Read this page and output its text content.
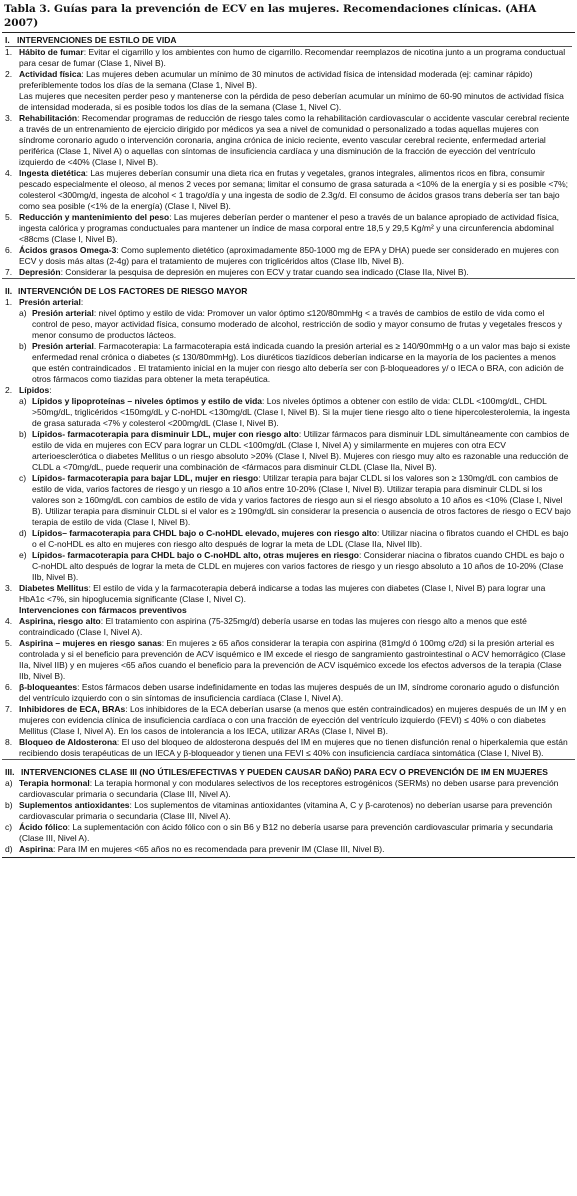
Tabla 3. Guías para la prevención de ECV en las mujeres. Recomendaciones clínicas. (AHA 2007)
I. INTERVENCIONES DE ESTILO DE VIDA
1. Hábito de fumar: Evitar el cigarrillo y los ambientes con humo de cigarrillo. Recomendar reemplazos de nicotina junto a un programa conductual para cesar de fumar (Clase 1, Nivel B).
2. Actividad física: Las mujeres deben acumular un mínimo de 30 minutos de actividad física de intensidad moderada (ej: caminar rápido) preferiblemente todos los días de la semana (Clase 1, Nivel B).
Las mujeres que necesiten perder peso y mantenerse con la pérdida de peso deberían acumular un mínimo de 60-90 minutos de actividad física de intensidad moderada, si es posible todos los días de la semana (Clase 1, Nivel C).
3. Rehabilitación: Recomendar programas de reducción de riesgo tales como la rehabilitación cardiovascular o accidente vascular cerebral reciente a través de un entrenamiento de ejercicio dirigido por médicos ya sea a nivel de comunidad o personalizado a todas aquellas mujeres con síndrome coronario agudo o intervención coronaria, angina crónica de inicio reciente, evento vascular cerebral reciente, enfermedad arterial periférica (Clase 1, Nivel A) o aquellas con síntomas de insuficiencia cardíaca y una disminución de la fracción de eyección del ventrículo izquierdo de <40% (Clase I, Nivel B).
4. Ingesta dietética: Las mujeres deberían consumir una dieta rica en frutas y vegetales, granos integrales, alimentos ricos en fibra, consumir pescado especialmente el oleoso, al menos 2 veces por semana; limitar el consumo de grasa saturada a <10% de la energía y si es posible <7%; colesterol <300mg/d, ingesta de alcohol < 1 trago/día y una ingesta de sodio de 2.3g/d. El consumo de ácidos grasos trans debería ser tan bajo como sea posible (<1% de la energía) (Clase I, Nivel B).
5. Reducción y mantenimiento del peso: Las mujeres deberían perder o mantener el peso a través de un balance apropiado de actividad física, ingesta calórica y programas conductuales para mantener un índice de masa corporal entre 18,5 y 29,5 Kg/m² y una circunferencia abdominal <88cms (Clase I, Nivel B).
6. Ácidos grasos Omega-3: Como suplemento dietético (aproximadamente 850-1000 mg de EPA y DHA) puede ser considerado en mujeres con ECV y dosis más altas (2-4g) para el tratamiento de mujeres con triglicéridos altos (Clase IIb, Nivel B).
7. Depresión: Considerar la pesquisa de depresión en mujeres con ECV y tratar cuando sea indicado (Clase IIa, Nivel B).
II. INTERVENCIÓN DE LOS FACTORES DE RIESGO MAYOR
1. Presión arterial:
a) Presión arterial: nivel óptimo y estilo de vida: Promover un valor óptimo ≤120/80mmHg < a través de cambios de estilo de vida como el control de peso, mayor actividad física, consumo moderado de alcohol, restricción de sodio y mayor consumo de frutas y vegetales frescos y menor consumo de productos lácteos.
b) Presión arterial. Farmacoterapia: La farmacoterapia está indicada cuando la presión arterial es ≥ 140/90mmHg o a un valor mas bajo si existe enfermedad renal crónica o diabetes (≤ 130/80mmHg). Los diuréticos tiazídicos deberían indicarse en la mayoría de los pacientes a menos que estén contraindicados . El tratamiento inicial en la mujer con riesgo alto debería ser con β-bloqueadores y/ o IECA o BRA, con adición de otros fármacos como tiazidas para obtener la meta terapéutica.
2. Lípidos:
a) Lípidos y lipoproteínas – niveles óptimos y estilo de vida: Los niveles óptimos a obtener con estilo de vida: CLDL <100mg/dL, CHDL >50mg/dL, triglicéridos <150mg/dL y C-noHDL <130mg/dL (Clase I, Nivel B). Si la mujer tiene riesgo alto o tiene hipercolesterolemia, la ingesta de grasa saturada <7% y colesterol <200mg/dL (Clase I, Nivel B).
b) Lípidos- farmacoterapia para disminuir LDL, mujer con riesgo alto: Utilizar fármacos para disminuir LDL simultáneamente con cambios de estilo de vida en mujeres con ECV para lograr un CLDL <100mg/dL (Clase I, Nivel A) y similarmente en mujeres con otra ECV arterioesclerótica o diabetes Mellitus o un riesgo absoluto >20% (Clase I, Nivel B). Mujeres con riesgo muy alto es razonable una reducción de CLDL a <70mg/dL, puede requerir una combinación de <fármacos para disminuir CLDL (Clase IIa, Nivel B).
c) Lípidos- farmacoterapia para bajar LDL, mujer en riesgo: Utilizar terapia para bajar CLDL si los valores son ≥ 130mg/dL con cambios de estilo de vida, varios factores de riesgo y un riesgo a 10 años entre 10-20% (Clase I, Nivel B). Utilizar terapia para disminuir CLDL si los valores son ≥ 160mg/dL con cambios de estilo de vida y varios factores de riesgo aun si el riesgo absoluto a 10 años es <10% (Clase I, Nivel B). Utilizar terapia para disminuir CLDL si el valor es ≥ 190mg/dL sin considerar la presencia o ausencia de otros factores de riesgo o ECV bajo terapia de estilo de vida (Clase I, Nivel B).
d) Lípidos– farmacoterapia para CHDL bajo o C-noHDL elevado, mujeres con riesgo alto: Utilizar niacina o fibratos cuando el CHDL es bajo o el C-noHDL es alto en mujeres con riesgo alto después de lograr la meta de LDL (Clase IIa, Nivel IIb).
e) Lípidos- farmacoterapia para CHDL bajo o C-noHDL alto, otras mujeres en riesgo: Considerar niacina o fibratos cuando CHDL es bajo o C-noHDL alto después de lograr la meta de CLDL en mujeres con varios factores de riesgo y un riesgo absoluto a 10 años de 10-20% (Clase IIb, Nivel B).
3. Diabetes Mellitus: El estilo de vida y la farmacoterapia deberá indicarse a todas las mujeres con diabetes (Clase I, Nivel B) para lograr una HbA1c <7%, sin hipoglucemia significante (Clase I, Nivel C).
Intervenciones con fármacos preventivos
4. Aspirina, riesgo alto: El tratamiento con aspirina (75-325mg/d) debería usarse en todas las mujeres con riesgo alto a menos que esté contraindicado (Clase I, Nivel A).
5. Aspirina – mujeres en riesgo sanas: En mujeres ≥ 65 años considerar la terapia con aspirina (81mg/d ó 100mg c/2d) si la presión arterial es controlada y si el beneficio para prevención de ACV isquémico e IM excede el riesgo de sangramiento gastrointestinal o ACV hemorrágico (Clase IIa, Nivel IIB) y en mujeres <65 años cuando el beneficio para la prevención de ACV isquémico excede los efectos adversos de la terapia (Clase IIb, Nivel B).
6. β-bloqueantes: Estos fármacos deben usarse indefinidamente en todas las mujeres después de un IM, síndrome coronario agudo o disfunción del ventrículo izquierdo con o sin síntomas de insuficiencia cardíaca (Clase I, Nivel A).
7. Inhibidores de ECA, BRAs: Los inhibidores de la ECA deberían usarse (a menos que estén contraindicados) en mujeres después de un IM y en mujeres con evidencia clínica de insuficiencia cardíaca o con una fracción de eyección del ventrículo izquierdo (FEVI) ≤ 40% o con diabetes Mellitus (Clase I, Nivel A). En los casos de intolerancia a los IECA, utilizar ARAs (Clase I, Nivel B).
8. Bloqueo de Aldosterona: El uso del bloqueo de aldosterona después del IM en mujeres que no tienen disfunción renal o hiperkalemia que están recibiendo dosis terapéuticas de un IECA y β-bloqueador y tienen una FEVI ≤ 40% con insuficiencia cardíaca sintomática (Clase I, Nivel B).
III. INTERVENCIONES CLASE III (NO ÚTILES/EFECTIVAS Y PUEDEN CAUSAR DAÑO) PARA ECV O PREVENCIÓN DE IM EN MUJERES
a) Terapia hormonal: La terapia hormonal y con modulares selectivos de los receptores estrogénicos (SERMs) no deben usarse para prevención cardiovascular primaria o secundaria (Clase III, Nivel A).
b) Suplementos antioxidantes: Los suplementos de vitaminas antioxidantes (vitamina A, C y β-carotenos) no deberían usarse para prevención cardiovascular primaria o secundaria (Clase III, Nivel A).
c) Ácido fólico: La suplementación con ácido fólico con o sin B6 y B12 no debería usarse para prevención cardiovascular primaria y secundaria (Clase III, Nivel A).
d) Aspirina: Para IM en mujeres <65 años no es recomendada para prevenir IM (Clase III, Nivel B).
